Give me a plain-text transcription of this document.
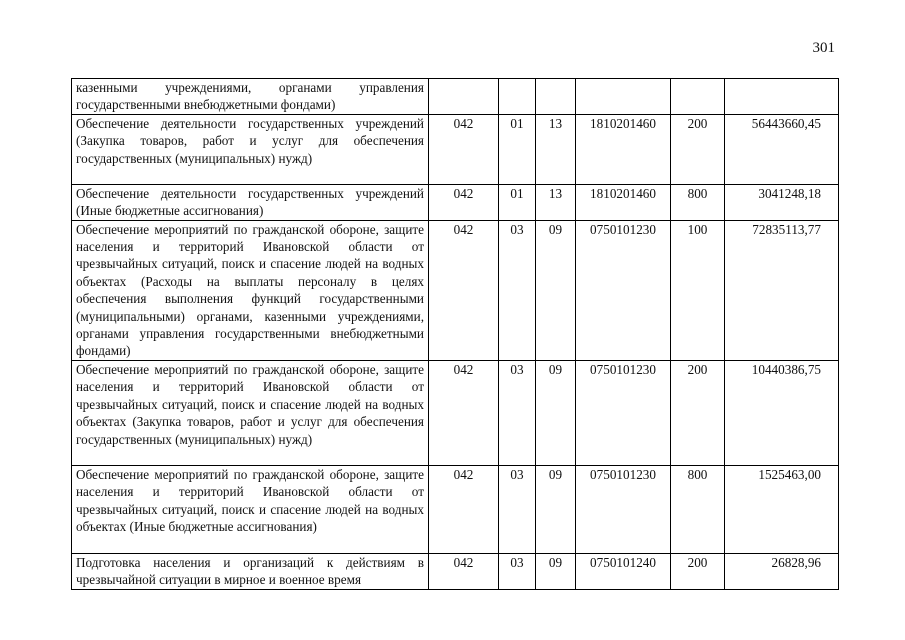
301
казенными учреждениями, органами управления государственными внебюджетными фондами)						
Обеспечение деятельности государственных учреждений (Закупка товаров, работ и услуг для обеспечения государственных (муниципальных) нужд)	042	01	13	1810201460	200	56443660,45
Обеспечение деятельности государственных учреждений (Иные бюджетные ассигнования)	042	01	13	1810201460	800	3041248,18
Обеспечение мероприятий по гражданской обороне, защите населения и территорий Ивановской области от чрезвычайных ситуаций, поиск и спасение людей на водных объектах (Расходы на выплаты персоналу в целях обеспечения выполнения функций государственными (муниципальными) органами, казенными учреждениями, органами управления государственными внебюджетными фондами)	042	03	09	0750101230	100	72835113,77
Обеспечение мероприятий по гражданской обороне, защите населения и территорий Ивановской области от чрезвычайных ситуаций, поиск и спасение людей на водных объектах (Закупка товаров, работ и услуг для обеспечения государственных (муниципальных) нужд)	042	03	09	0750101230	200	10440386,75
Обеспечение мероприятий по гражданской обороне, защите населения и территорий Ивановской области от чрезвычайных ситуаций, поиск и спасение людей на водных объектах (Иные бюджетные ассигнования)	042	03	09	0750101230	800	1525463,00
Подготовка населения и организаций к действиям в чрезвычайной ситуации в мирное и военное время	042	03	09	0750101240	200	26828,96
